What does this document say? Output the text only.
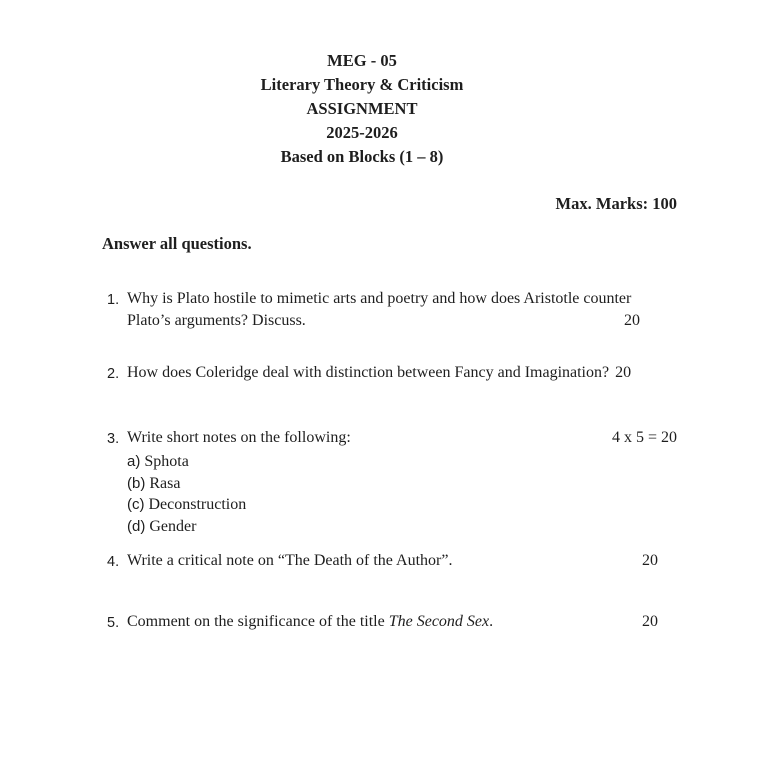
MEG - 05
Literary Theory & Criticism
ASSIGNMENT
2025-2026
Based on Blocks (1 – 8)
Max. Marks: 100
Answer all questions.
1. Why is Plato hostile to mimetic arts and poetry and how does Aristotle counter Plato’s arguments? Discuss.	20
2. How does Coleridge deal with distinction between Fancy and Imagination? 20
3. Write short notes on the following:	4 x 5 = 20
a) Sphota
(b) Rasa
(c) Deconstruction
(d) Gender
4. Write a critical note on “The Death of the Author”.	20
5. Comment on the significance of the title The Second Sex.	20
